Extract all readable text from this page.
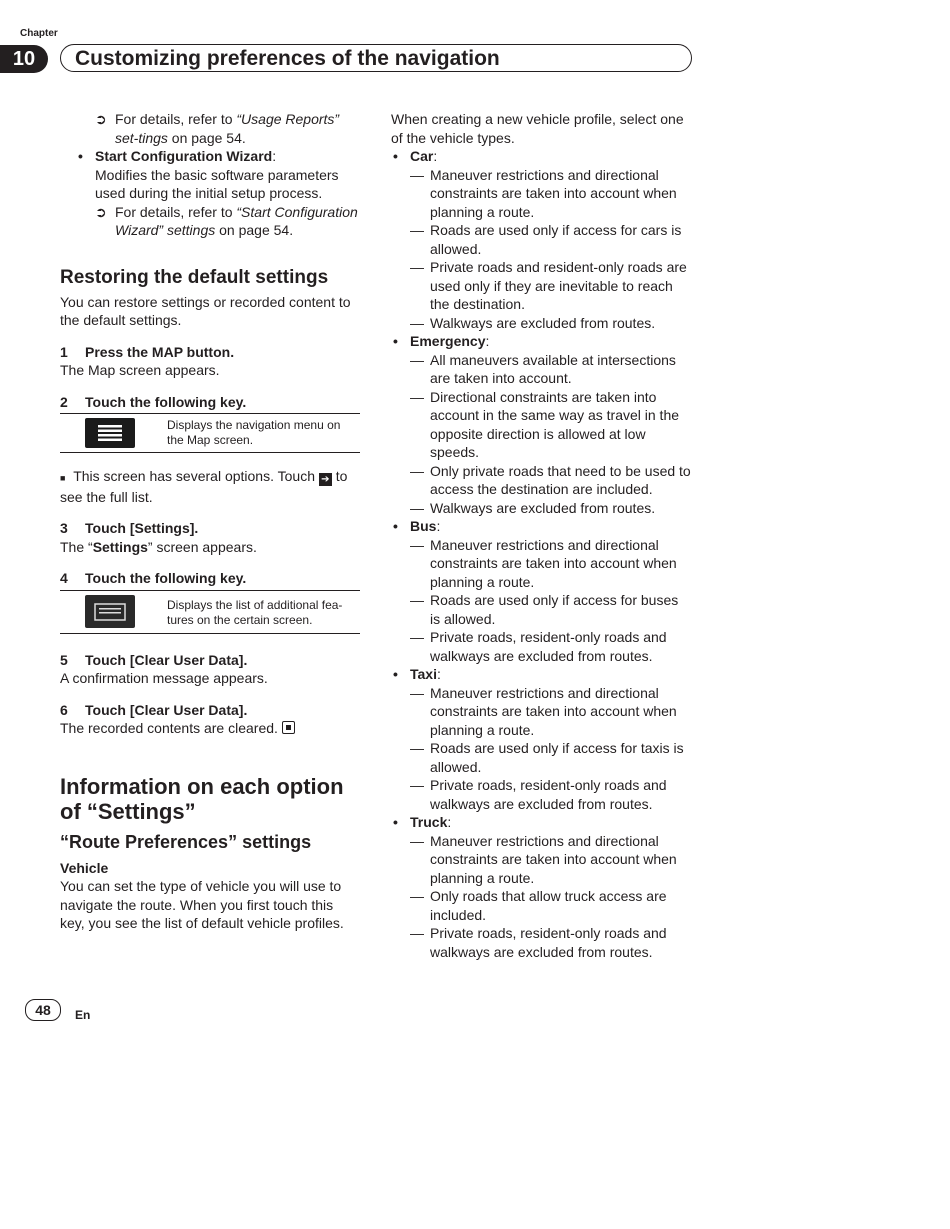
Chapter
10	Customizing preferences of the navigation

➲ For details, refer to “Usage Reports” set-tings on page 54.

• Start Configuration Wizard:
Modifies the basic software parameters used during the initial setup process.

➲ For details, refer to “Start Configuration Wizard” settings on page 54.

Restoring the default settings

You can restore settings or recorded content to the default settings.

1 Press the MAP button.

The Map screen appears.

2 Touch the following key.

Displays the navigation menu on the Map screen.

■ This screen has several options. Touch ➔ to see the full list.

3 Touch [Settings].

The “Settings” screen appears.

4 Touch the following key.

Displays the list of additional fea-tures on the certain screen.

5 Touch [Clear User Data].

A confirmation message appears.

6 Touch [Clear User Data].

The recorded contents are cleared.

Information on each option of “Settings”
“Route Preferences” settings

Vehicle

You can set the type of vehicle you will use to navigate the route. When you first touch this key, you see the list of default vehicle profiles.

When creating a new vehicle profile, select one of the vehicle types.

• Car:

— Maneuver restrictions and directional constraints are taken into account when planning a route.

— Roads are used only if access for cars is allowed.

— Private roads and resident-only roads are used only if they are inevitable to reach the destination.

— Walkways are excluded from routes.

• Emergency:

— All maneuvers available at intersections are taken into account.

— Directional constraints are taken into account in the same way as travel in the opposite direction is allowed at low speeds.

— Only private roads that need to be used to access the destination are included.

— Walkways are excluded from routes.

• Bus:

— Maneuver restrictions and directional constraints are taken into account when planning a route.

— Roads are used only if access for buses is allowed.

— Private roads, resident-only roads and walkways are excluded from routes.

• Taxi:

— Maneuver restrictions and directional constraints are taken into account when planning a route.

— Roads are used only if access for taxis is allowed.

— Private roads, resident-only roads and walkways are excluded from routes.

• Truck:

— Maneuver restrictions and directional constraints are taken into account when planning a route.

— Only roads that allow truck access are included.

— Private roads, resident-only roads and walkways are excluded from routes.

48	En
